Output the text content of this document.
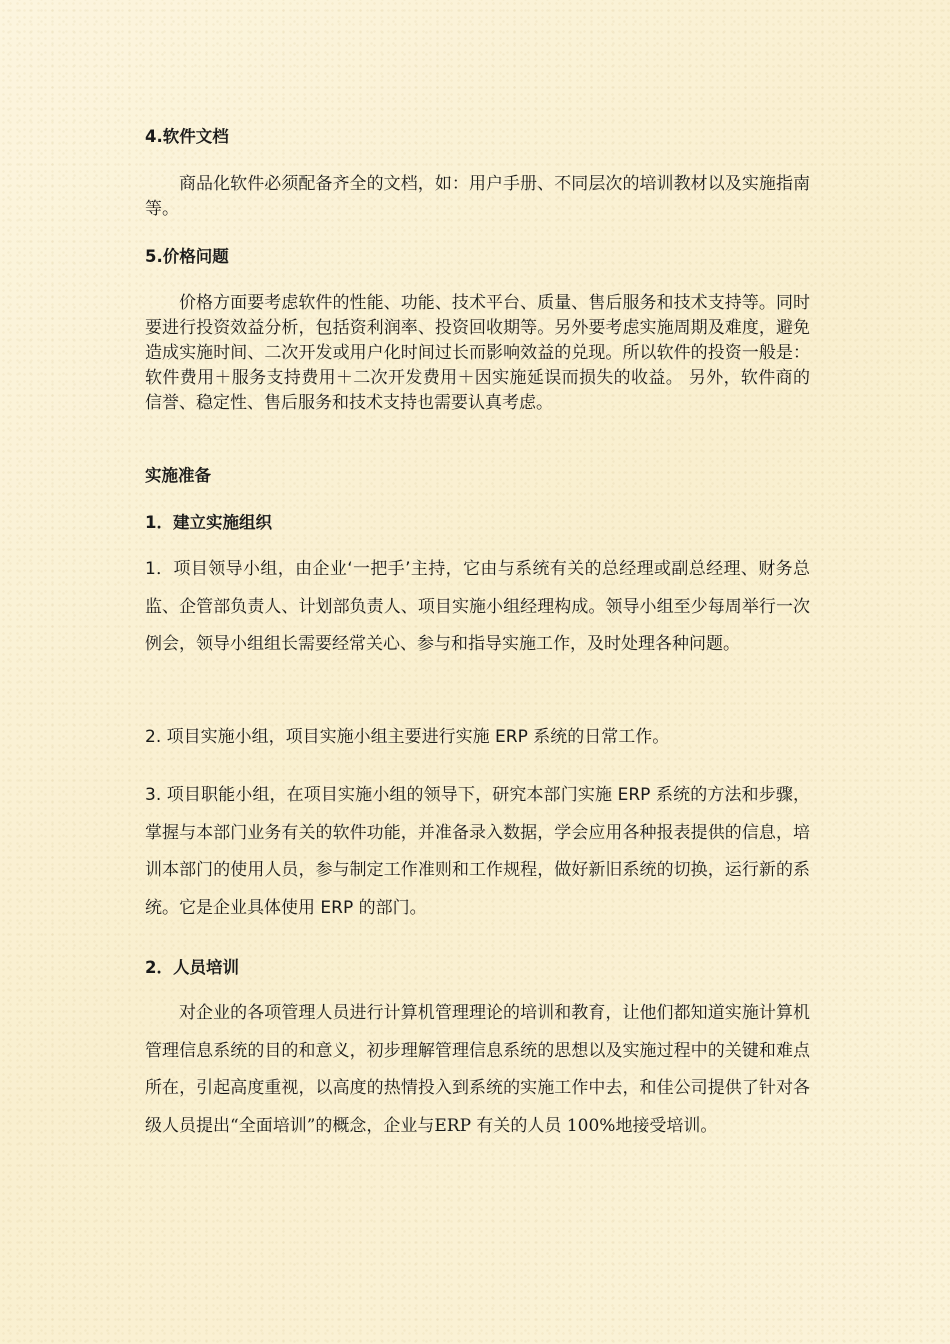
4.软件文档

商品化软件必须配备齐全的文档，如：用户手册、不同层次的培训教材以及实施指南等。

5.价格问题

价格方面要考虑软件的性能、功能、技术平台、质量、售后服务和技术支持等。同时要进行投资效益分析，包括资利润率、投资回收期等。另外要考虑实施周期及难度，避免造成实施时间、二次开发或用户化时间过长而影响效益的兑现。所以软件的投资一般是：软件费用＋服务支持费用＋二次开发费用＋因实施延误而损失的收益。 另外，软件商的信誉、稳定性、售后服务和技术支持也需要认真考虑。

实施准备
1．建立实施组织

1．项目领导小组，由企业‘一把手’主持，它由与系统有关的总经理或副总经理、财务总监、企管部负责人、计划部负责人、项目实施小组经理构成。领导小组至少每周举行一次例会，领导小组组长需要经常关心、参与和指导实施工作，及时处理各种问题。

2. 项目实施小组，项目实施小组主要进行实施 ERP 系统的日常工作。

3. 项目职能小组，在项目实施小组的领导下，研究本部门实施 ERP 系统的方法和步骤，掌握与本部门业务有关的软件功能，并准备录入数据，学会应用各种报表提供的信息，培训本部门的使用人员，参与制定工作准则和工作规程，做好新旧系统的切换，运行新的系统。它是企业具体使用 ERP 的部门。

2．人员培训

对企业的各项管理人员进行计算机管理理论的培训和教育，让他们都知道实施计算机管理信息系统的目的和意义，初步理解管理信息系统的思想以及实施过程中的关键和难点所在，引起高度重视，以高度的热情投入到系统的实施工作中去，和佳公司提供了针对各级人员提出“全面培训”的概念，企业与ERP 有关的人员 100%地接受培训。
